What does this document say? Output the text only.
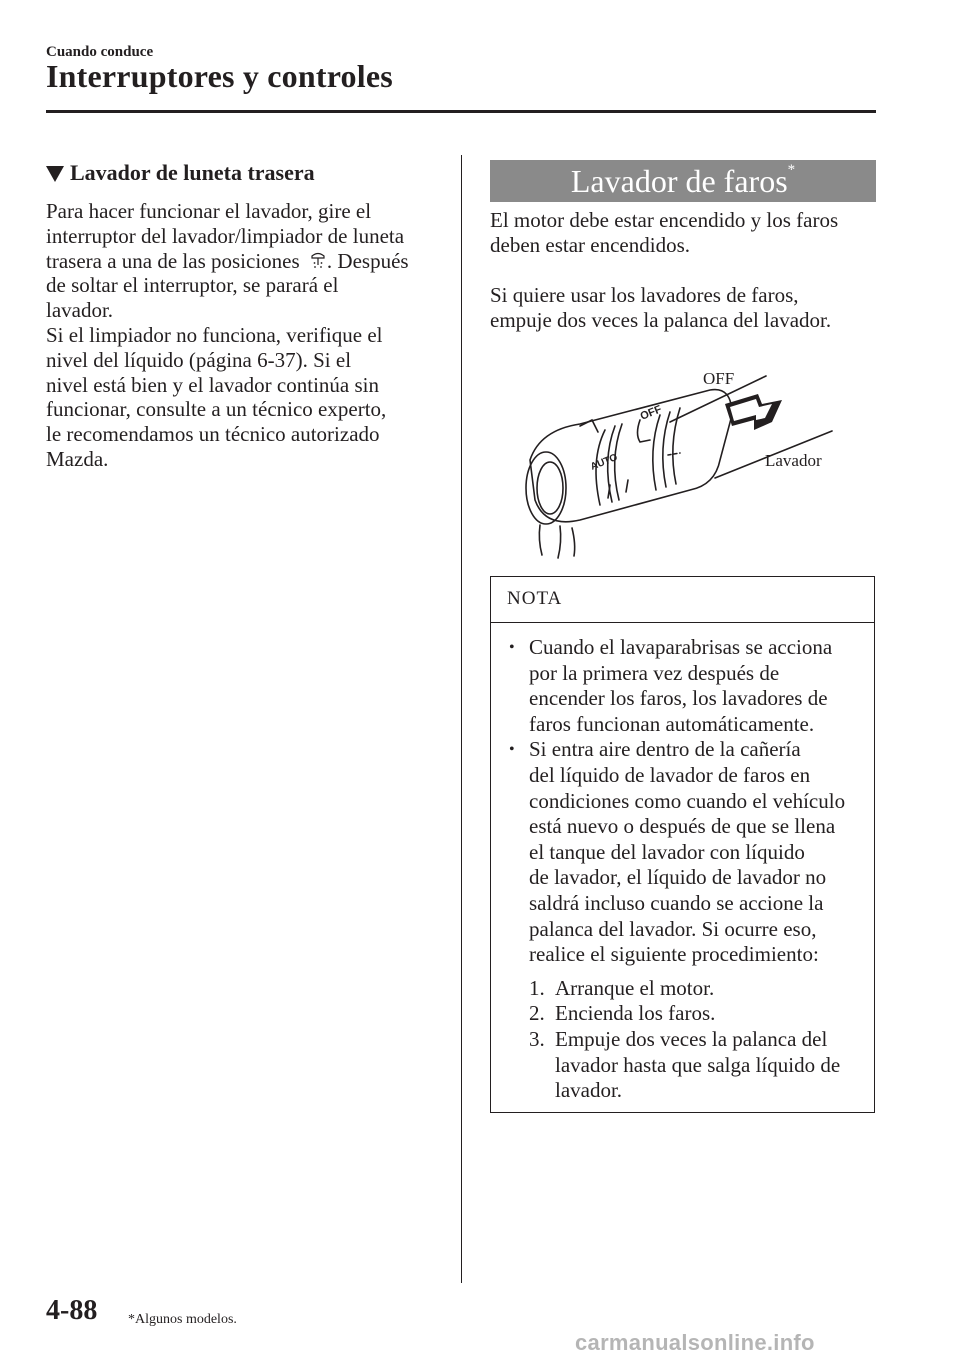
Cuando conduce
Interruptores y controles
Lavador de luneta trasera
Para hacer funcionar el lavador, gire el
interruptor del lavador/limpiador de luneta
trasera a una de las posiciones . Después
de soltar el interruptor, se parará el
lavador.
Si el limpiador no funciona, verifique el
nivel del líquido (página 6-37). Si el
nivel está bien y el lavador continúa sin
funcionar, consulte a un técnico experto,
le recomendamos un técnico autorizado
Mazda.
Lavador de faros*
El motor debe estar encendido y los faros
deben estar encendidos.
Si quiere usar los lavadores de faros,
empuje dos veces la palanca del lavador.
OFF
AUTO
OFF
Lavador
NOTA
• Cuando el lavaparabrisas se acciona
por la primera vez después de
encender los faros, los lavadores de
faros funcionan automáticamente.
• Si entra aire dentro de la cañería
del líquido de lavador de faros en
condiciones como cuando el vehículo
está nuevo o después de que se llena
el tanque del lavador con líquido
de lavador, el líquido de lavador no
saldrá incluso cuando se accione la
palanca del lavador. Si ocurre eso,
realice el siguiente procedimiento:
1. Arranque el motor.
2. Encienda los faros.
3. Empuje dos veces la palanca del
lavador hasta que salga líquido de
lavador.
4-88 *Algunos modelos.
carmanualsonline.info
